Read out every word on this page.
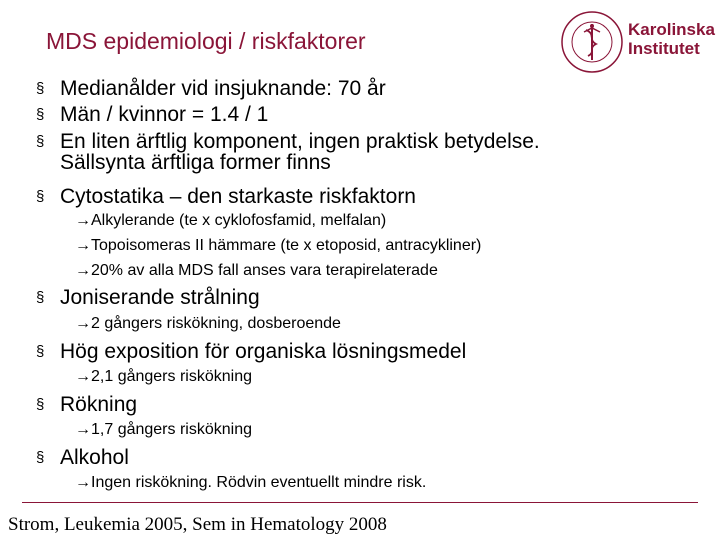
MDS epidemiologi / riskfaktorer	Karolinska
Institutet
§ Medianålder vid insjuknande: 70 år
§ Män / kvinnor = 1.4 / 1
§ En liten ärftlig komponent, ingen praktisk betydelse.
Sällsynta ärftliga former finns
§ Cytostatika – den starkaste riskfaktorn
→Alkylerande (te x cyklofosfamid, melfalan)
→Topoisomeras II hämmare (te x etoposid, antracykliner)
→20% av alla MDS fall anses vara terapirelaterade
§ Joniserande strålning
→2 gångers riskökning, dosberoende
§ Hög exposition för organiska lösningsmedel
→2,1 gångers riskökning
§ Rökning
→1,7 gångers riskökning
§ Alkohol
→Ingen riskökning. Rödvin eventuellt mindre risk.
Strom, Leukemia 2005, Sem in Hematology 2008
